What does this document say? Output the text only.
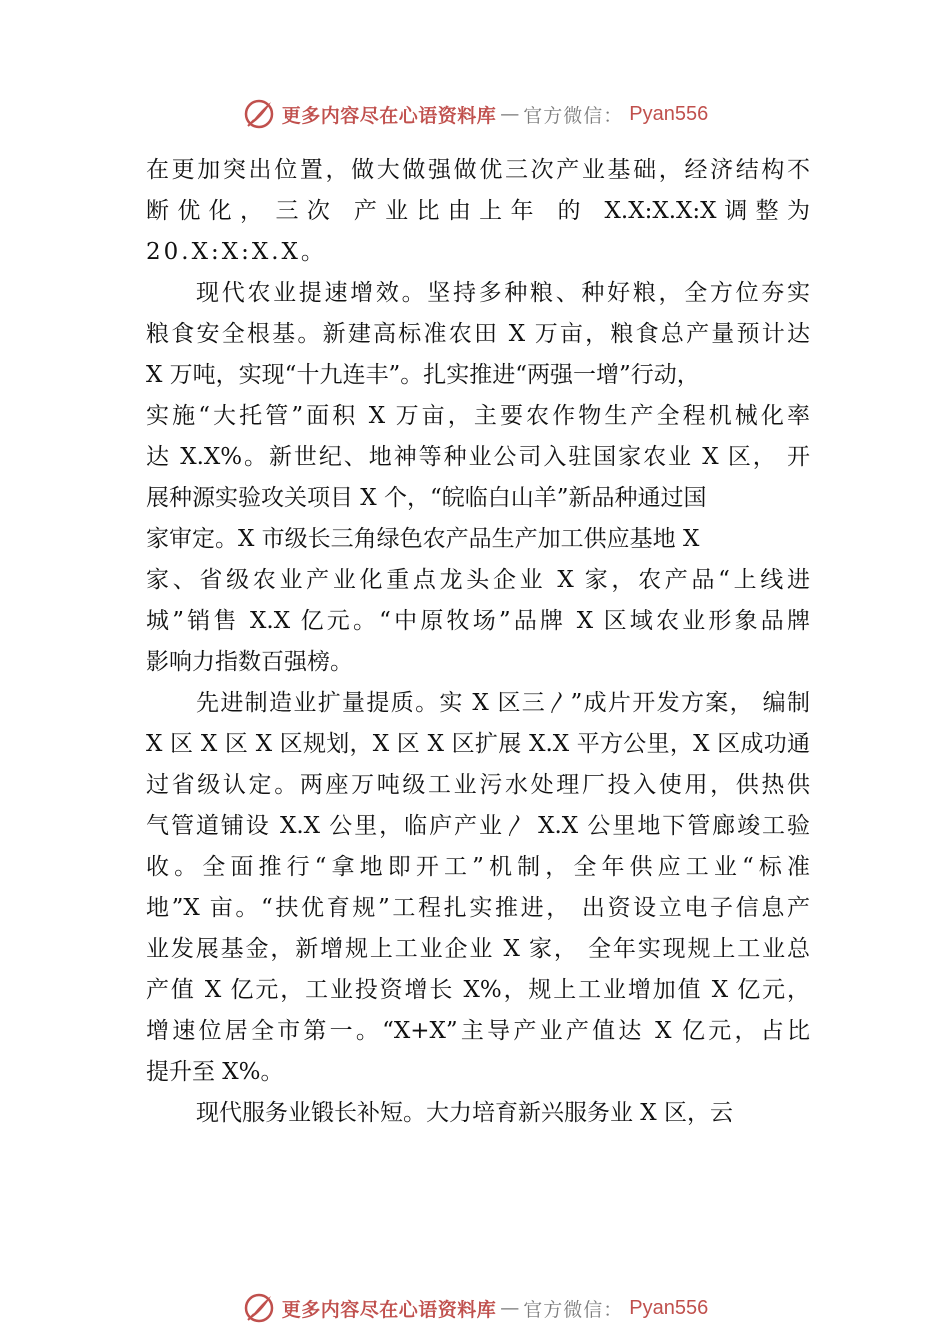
更多内容尽在心语资料库 — 官方微信： Pyan556
在更加突出位置，做大做强做优三次产业基础，经济结构不
断 优 化 ，　三 次　产 业 比 由 上 年　的　X.X:X.X:X 调 整 为
20.X:X:X.X。
现代农业提速增效。坚持多种粮、种好粮，全方位夯实
粮食安全根基。新建高标准农田 X 万亩，粮食总产量预计达
X 万吨，实现“十九连丰”。扎实推进“两强一增”行动，
实施“大托管”面积 X 万亩，主要农作物生产全程机械化率
达 X.X%。新世纪、地神等种业公司入驻国家农业 X 区， 开
展种源实验攻关项目 X 个，“皖临白山羊”新品种通过国
家审定。X 市级长三角绿色农产品生产加工供应基地 X
家、省级农业产业化重点龙头企业 X 家，农产品“上线进
城”销售 X.X 亿元。“中原牧场”品牌 X 区域农业形象品牌
影响力指数百强榜。
先进制造业扩量提质。实 X 区三〳”成片开发方案， 编制
X 区 X 区 X 区规划，X 区 X 区扩展 X.X 平方公里，X 区成功通
过省级认定。两座万吨级工业污水处理厂投入使用，供热供
气管道铺设 X.X 公里，临庐产业〳 X.X 公里地下管廊竣工验
收。全面推行“拿地即开工”机制，全年供应工业“标准
地”X 亩。“扶优育规”工程扎实推进， 出资设立电子信息产
业发展基金，新增规上工业企业 X 家， 全年实现规上工业总
产值 X 亿元，工业投资增长 X%，规上工业增加值 X 亿元，
增速位居全市第一。“X+X”主导产业产值达 X 亿元，占比
提升至 X%。
现代服务业锻长补短。大力培育新兴服务业 X 区，云
更多内容尽在心语资料库 — 官方微信： Pyan556
